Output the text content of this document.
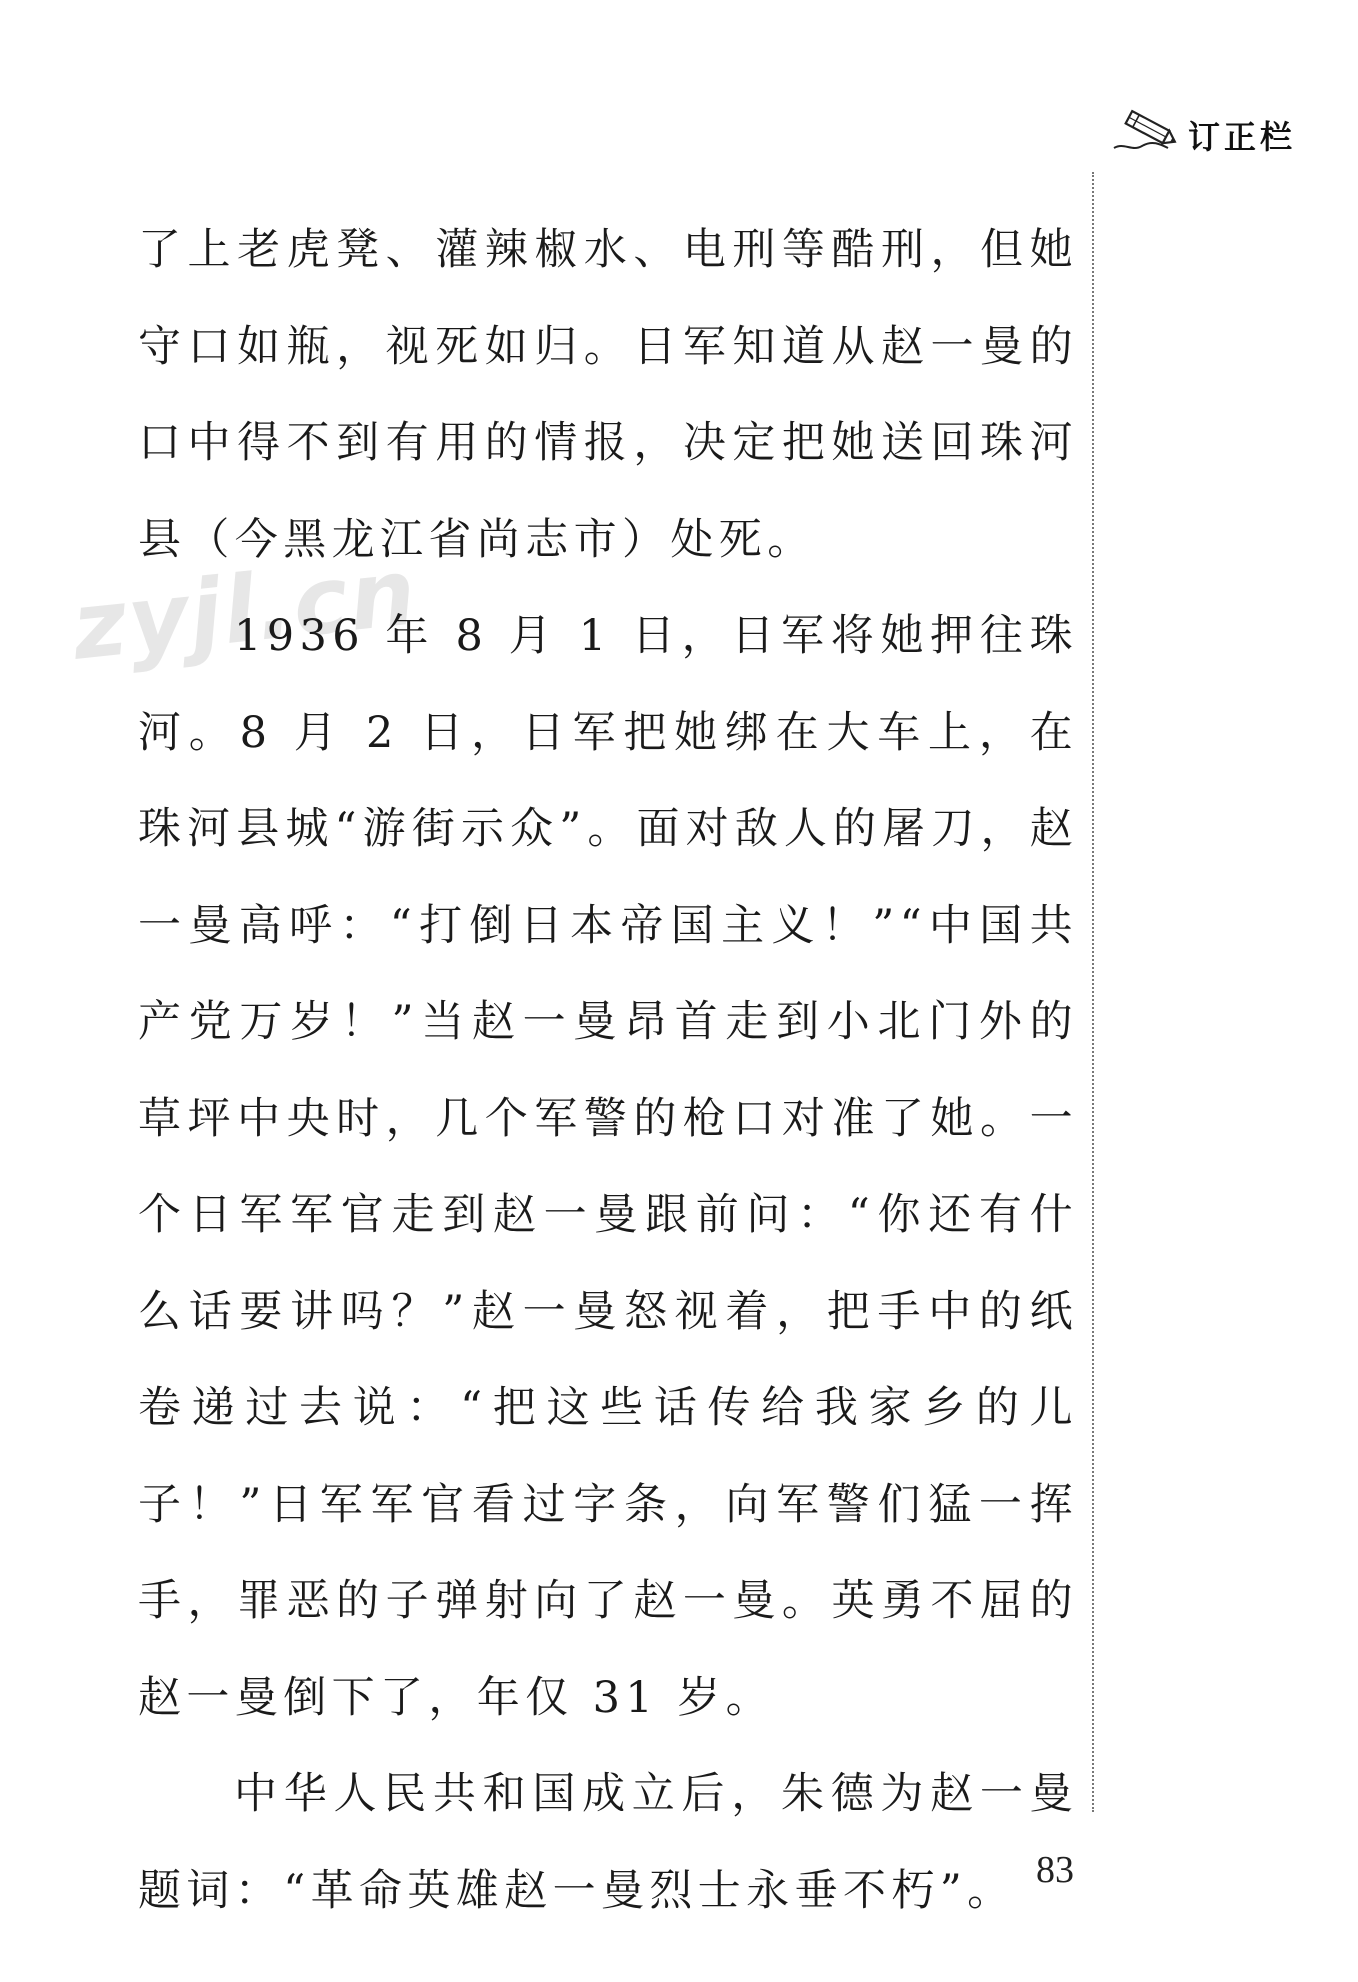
订正栏
zyjl.cn

了上老虎凳、灌辣椒水、电刑等酷刑，但她守口如瓶，视死如归。日军知道从赵一曼的口中得不到有用的情报，决定把她送回珠河县（今黑龙江省尚志市）处死。

1936 年 8 月 1 日，日军将她押往珠河。8 月 2 日，日军把她绑在大车上，在珠河县城“游街示众”。面对敌人的屠刀，赵一曼高呼：“打倒日本帝国主义！”“中国共产党万岁！”当赵一曼昂首走到小北门外的草坪中央时，几个军警的枪口对准了她。一个日军军官走到赵一曼跟前问：“你还有什么话要讲吗？”赵一曼怒视着，把手中的纸卷递过去说：“把这些话传给我家乡的儿子！”日军军官看过字条，向军警们猛一挥手，罪恶的子弹射向了赵一曼。英勇不屈的赵一曼倒下了，年仅 31 岁。

中华人民共和国成立后，朱德为赵一曼题词：“革命英雄赵一曼烈士永垂不朽”。 83
